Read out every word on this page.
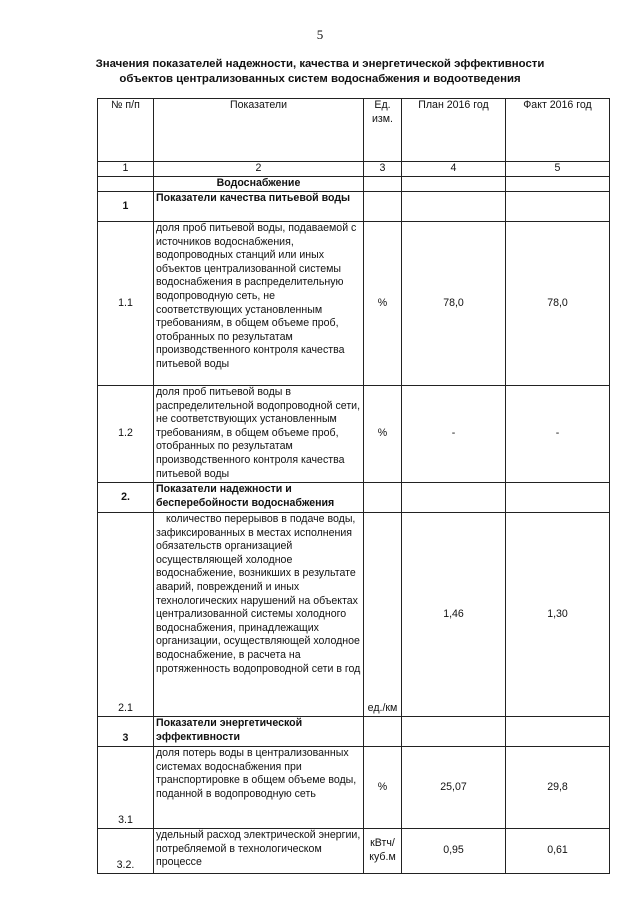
5
Значения показателей надежности, качества и энергетической эффективности
объектов централизованных систем водоснабжения и водоотведения
№ п/п	Показатели	Ед. изм.	План 2016 год	Факт 2016 год
1	2	3	4	5
	Водоснабжение			
1	Показатели качества питьевой воды			
1.1	доля проб питьевой воды, подаваемой с источников водоснабжения, водопроводных станций или иных объектов централизованной системы водоснабжения в распределительную водопроводную сеть, не соответствующих установленным требованиям, в общем объеме проб, отобранных по результатам производственного контроля качества питьевой воды	%	78,0	78,0
1.2	доля проб питьевой воды в распределительной водопроводной сети, не соответствующих установленным требованиям, в общем объеме проб, отобранных по результатам производственного контроля качества питьевой воды	%	-	-
2.	Показатели надежности и бесперебойности водоснабжения			
2.1	количество перерывов в подаче воды, зафиксированных в местах исполнения обязательств организацией осуществляющей холодное водоснабжение, возникших в результате аварий, повреждений и иных технологических нарушений на объектах централизованной системы холодного водоснабжения, принадлежащих организации, осуществляющей холодное водоснабжение, в расчета на протяженность водопроводной сети в год	ед./км	1,46	1,30
3	Показатели энергетической эффективности			
3.1	доля потерь воды в централизованных системах водоснабжения при транспортировке в общем объеме воды, поданной в водопроводную сеть	%	25,07	29,8
3.2.	удельный расход электрической энергии, потребляемой в технологическом процессе	кВтч/ куб.м	0,95	0,61
